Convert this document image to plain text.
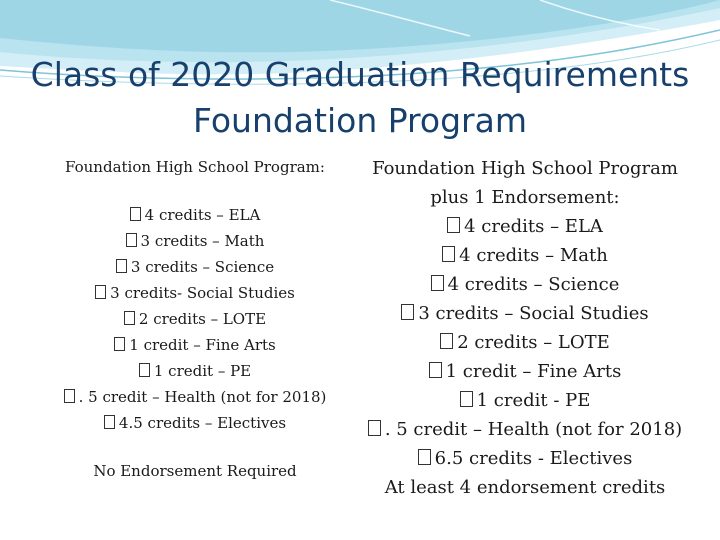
Class of 2020 Graduation Requirements
Foundation Program
Foundation High School Program:
4 credits – ELA
3 credits – Math
3 credits – Science
3 credits- Social Studies
2 credits – LOTE
1 credit – Fine Arts
1 credit – PE
. 5 credit – Health (not for 2018)
4.5 credits – Electives
No Endorsement Required
Foundation High School Program
plus 1 Endorsement:
4 credits – ELA
4 credits – Math
4 credits – Science
3 credits – Social Studies
2 credits – LOTE
1 credit – Fine Arts
1 credit - PE
. 5 credit – Health (not for 2018)
6.5 credits - Electives
At least 4 endorsement credits
